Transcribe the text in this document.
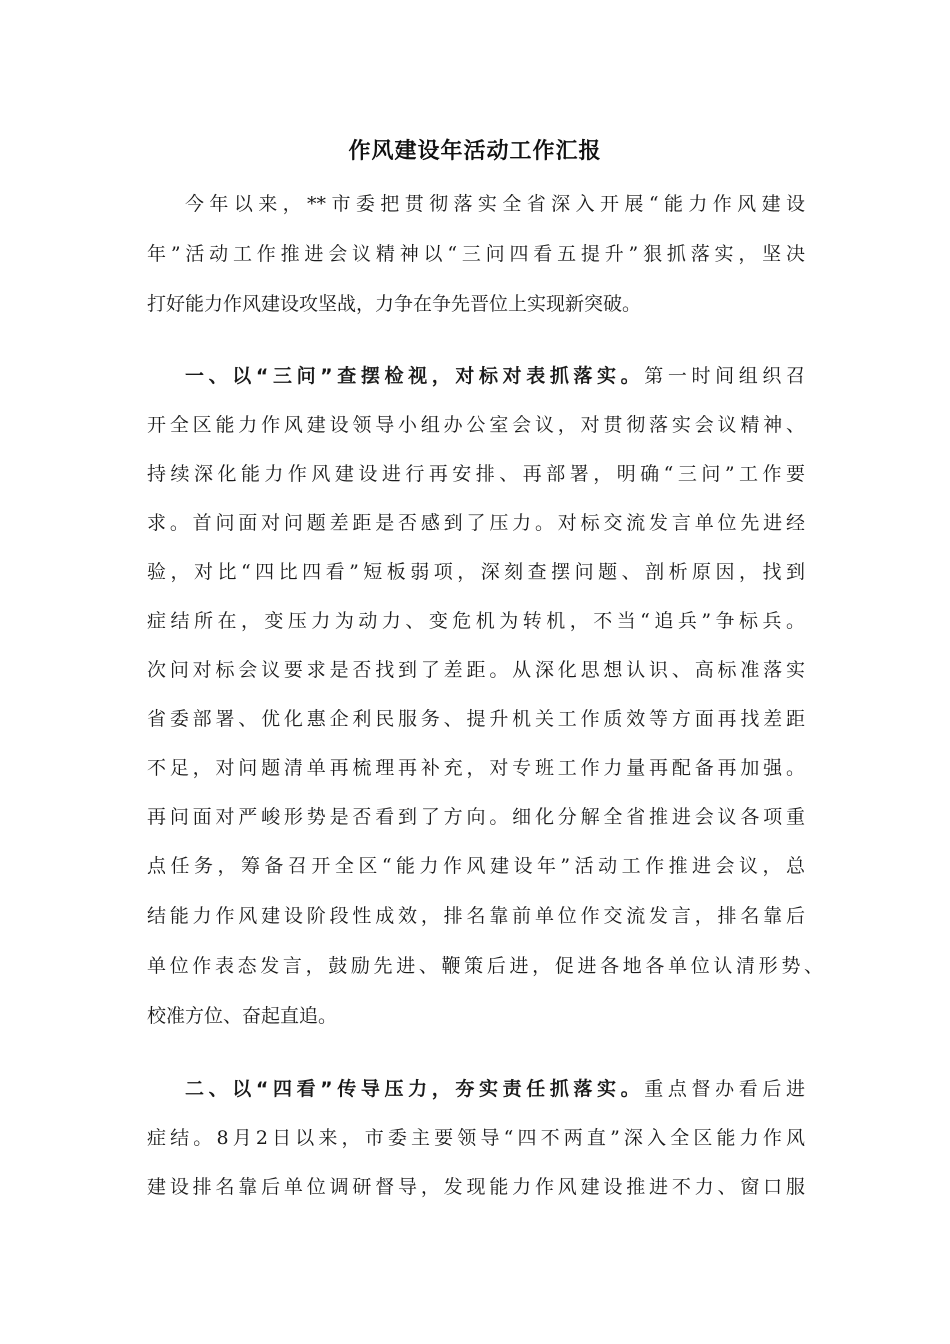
作风建设年活动工作汇报
今年以来，**市委把贯彻落实全省深入开展“能力作风建设
年”活动工作推进会议精神以“三问四看五提升”狠抓落实，坚决
打好能力作风建设攻坚战，力争在争先晋位上实现新突破。
一、以“三问”查摆检视，对标对表抓落实。第一时间组织召
开全区能力作风建设领导小组办公室会议，对贯彻落实会议精神、
持续深化能力作风建设进行再安排、再部署，明确“三问”工作要
求。首问面对问题差距是否感到了压力。对标交流发言单位先进经
验，对比“四比四看”短板弱项，深刻查摆问题、剖析原因，找到
症结所在，变压力为动力、变危机为转机，不当“追兵”争标兵。
次问对标会议要求是否找到了差距。从深化思想认识、高标准落实
省委部署、优化惠企利民服务、提升机关工作质效等方面再找差距
不足，对问题清单再梳理再补充，对专班工作力量再配备再加强。
再问面对严峻形势是否看到了方向。细化分解全省推进会议各项重
点任务，筹备召开全区“能力作风建设年”活动工作推进会议，总
结能力作风建设阶段性成效，排名靠前单位作交流发言，排名靠后
单位作表态发言，鼓励先进、鞭策后进，促进各地各单位认清形势、
校准方位、奋起直追。
二、以“四看”传导压力，夯实责任抓落实。重点督办看后进
症结。8月2日以来，市委主要领导“四不两直”深入全区能力作风
建设排名靠后单位调研督导，发现能力作风建设推进不力、窗口服
